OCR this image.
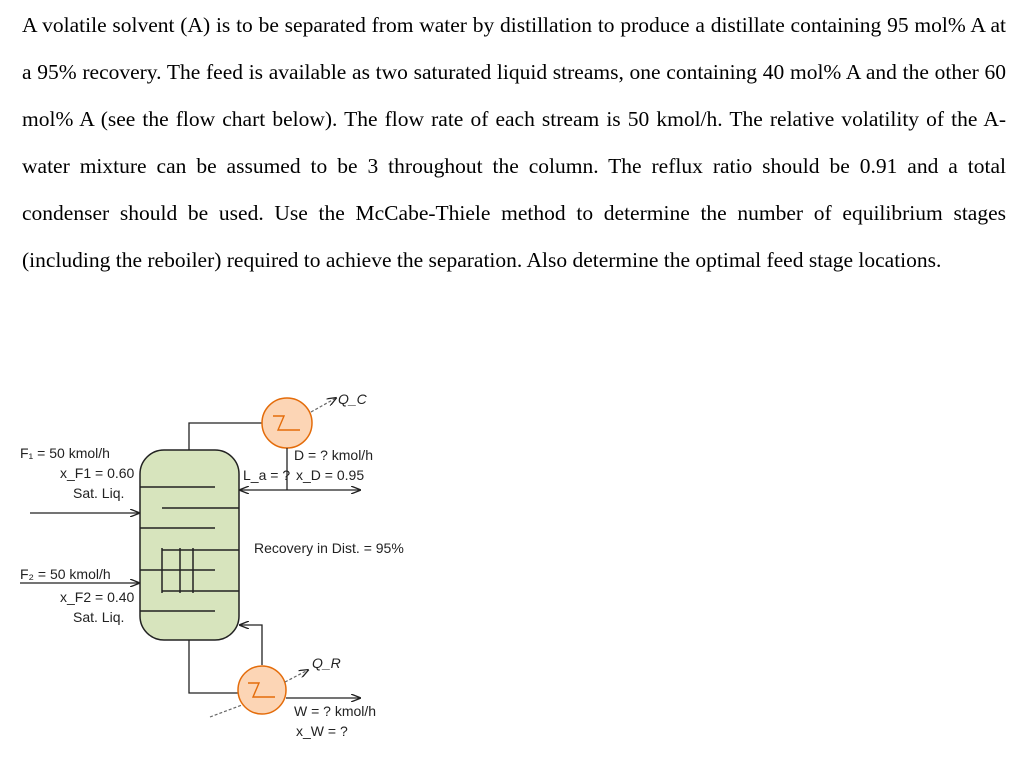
A volatile solvent (A) is to be separated from water by distillation to produce a distillate containing 95 mol% A at a 95% recovery. The feed is available as two saturated liquid streams, one containing 40 mol% A and the other 60 mol% A (see the flow chart below). The flow rate of each stream is 50 kmol/h. The relative volatility of the A-water mixture can be assumed to be 3 throughout the column. The reflux ratio should be 0.91 and a total condenser should be used. Use the McCabe-Thiele method to determine the number of equilibrium stages (including the reboiler) required to achieve the separation. Also determine the optimal feed stage locations.

Q_C
L_a = ?
D = ? kmol/h
x_D = 0.95
Recovery in Dist. = 95%
F₁ = 50 kmol/h
x_F1 = 0.60
Sat. Liq.
F₂ = 50 kmol/h
x_F2 = 0.40
Sat. Liq.
Q_R
W = ? kmol/h
x_W = ?
